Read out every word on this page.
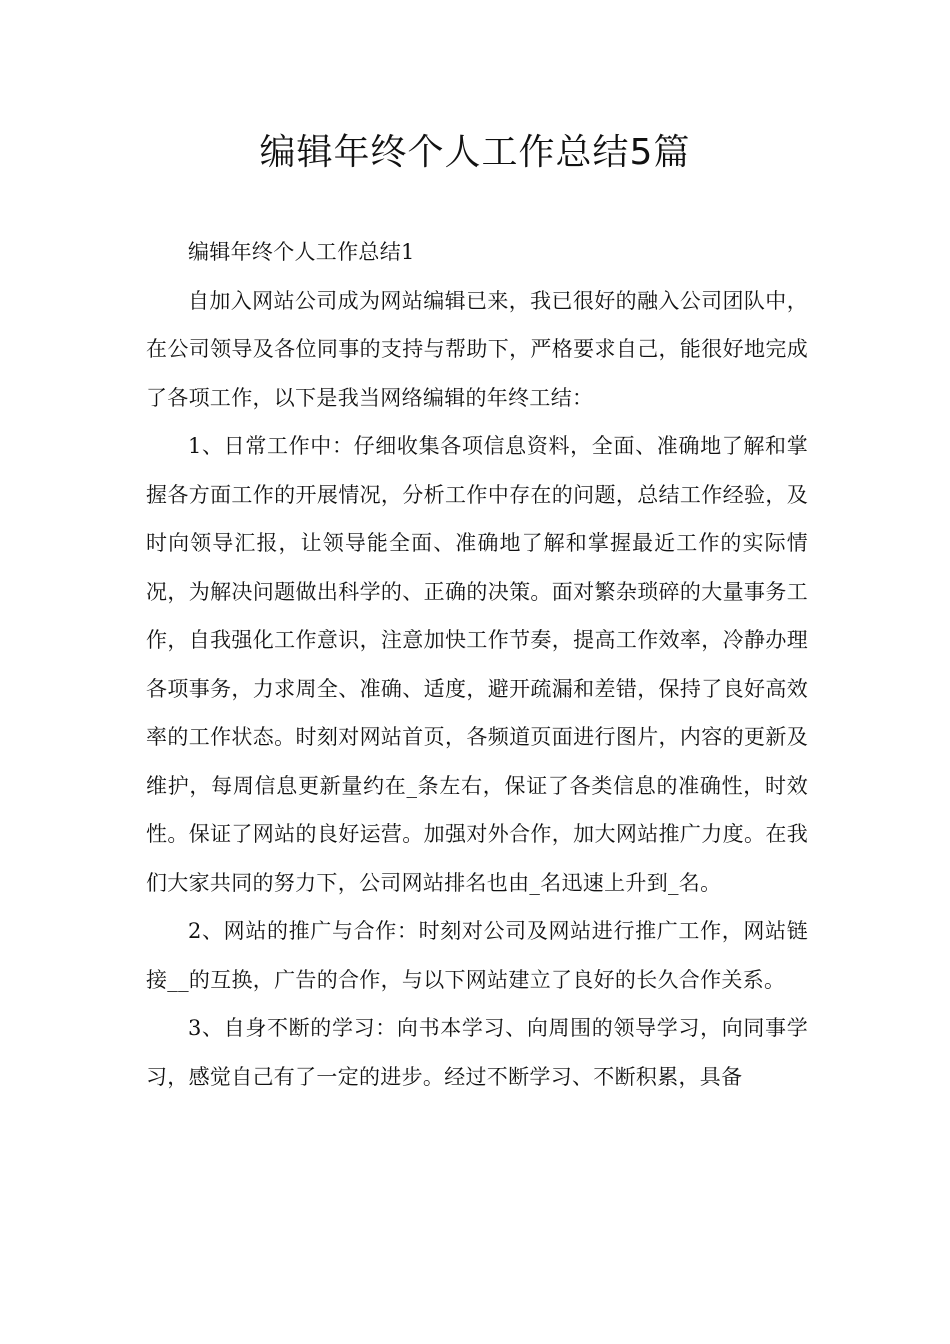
编辑年终个人工作总结5篇

编辑年终个人工作总结1

自加入网站公司成为网站编辑已来，我已很好的融入公司团队中，在公司领导及各位同事的支持与帮助下，严格要求自己，能很好地完成了各项工作，以下是我当网络编辑的年终工结：

1、日常工作中：仔细收集各项信息资料，全面、准确地了解和掌握各方面工作的开展情况，分析工作中存在的问题，总结工作经验，及时向领导汇报，让领导能全面、准确地了解和掌握最近工作的实际情况，为解决问题做出科学的、正确的决策。面对繁杂琐碎的大量事务工作，自我强化工作意识，注意加快工作节奏，提高工作效率，冷静办理各项事务，力求周全、准确、适度，避开疏漏和差错，保持了良好高效率的工作状态。时刻对网站首页，各频道页面进行图片，内容的更新及维护，每周信息更新量约在_条左右，保证了各类信息的准确性，时效性。保证了网站的良好运营。加强对外合作，加大网站推广力度。在我们大家共同的努力下，公司网站排名也由_名迅速上升到_名。

2、网站的推广与合作：时刻对公司及网站进行推广工作，网站链接__的互换，广告的合作，与以下网站建立了良好的长久合作关系。

3、自身不断的学习：向书本学习、向周围的领导学习，向同事学习，感觉自己有了一定的进步。经过不断学习、不断积累，具备
